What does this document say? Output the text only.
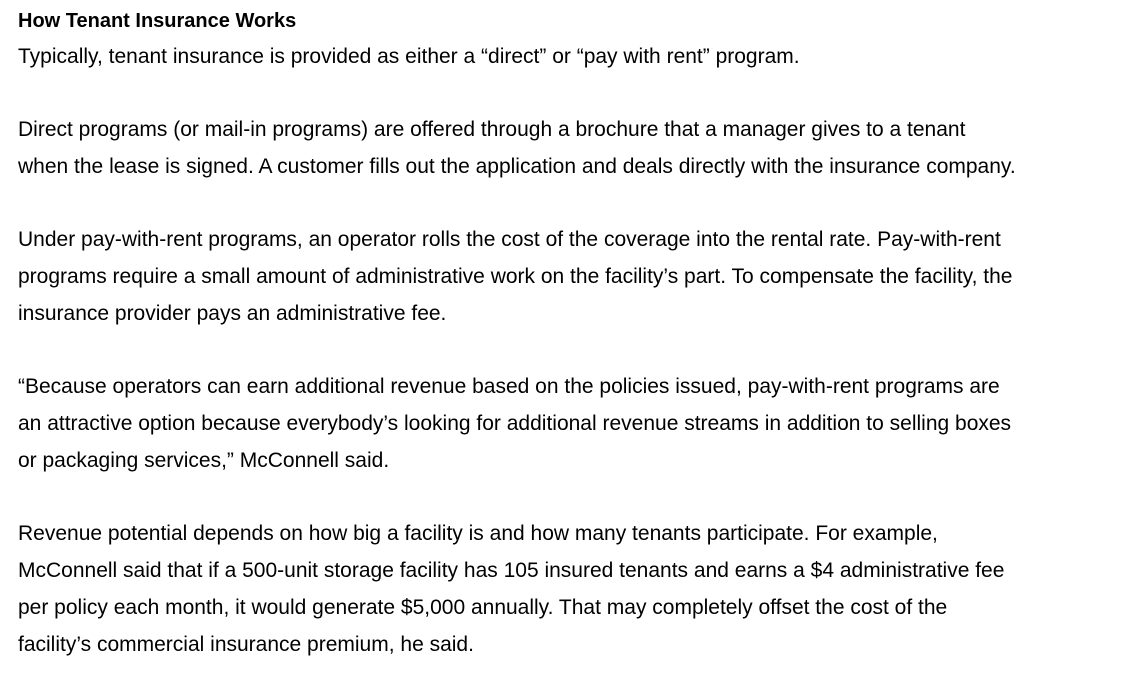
How Tenant Insurance Works

Typically, tenant insurance is provided as either a “direct” or “pay with rent” program.

Direct programs (or mail-in programs) are offered through a brochure that a manager gives to a tenant
when the lease is signed. A customer fills out the application and deals directly with the insurance company.

Under pay-with-rent programs, an operator rolls the cost of the coverage into the rental rate. Pay-with-rent
programs require a small amount of administrative work on the facility’s part. To compensate the facility, the
insurance provider pays an administrative fee.

“Because operators can earn additional revenue based on the policies issued, pay-with-rent programs are
an attractive option because everybody’s looking for additional revenue streams in addition to selling boxes
or packaging services,” McConnell said.

Revenue potential depends on how big a facility is and how many tenants participate. For example,
McConnell said that if a 500-unit storage facility has 105 insured tenants and earns a $4 administrative fee
per policy each month, it would generate $5,000 annually. That may completely offset the cost of the
facility’s commercial insurance premium, he said.
